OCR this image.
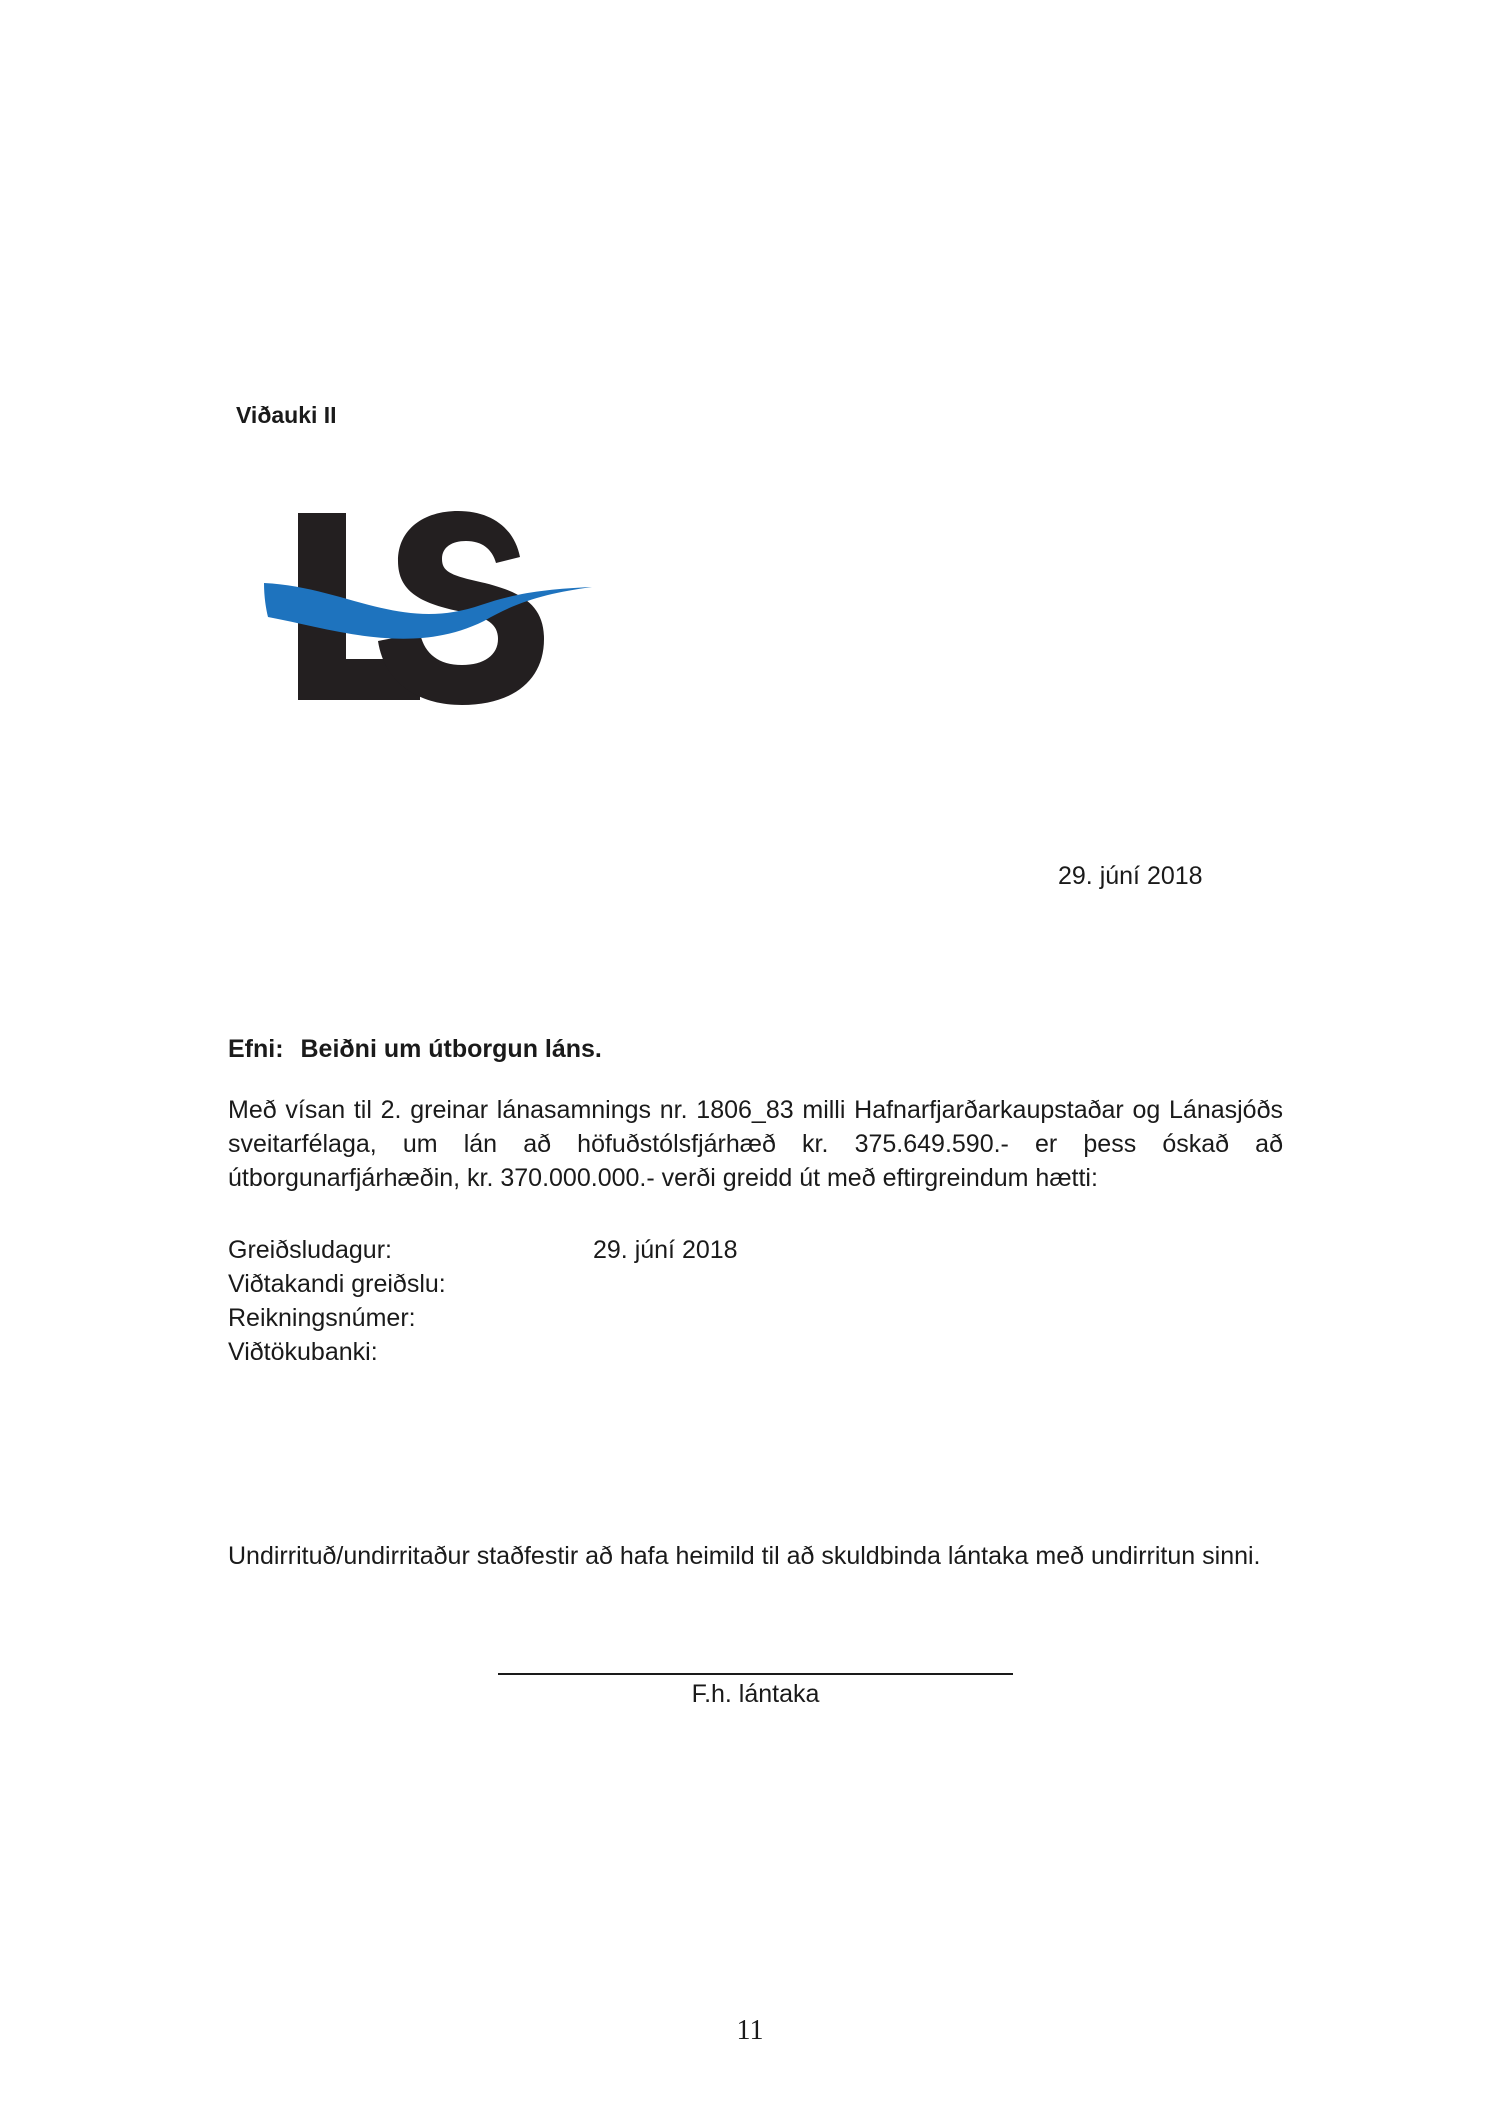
Viðauki II
29. júní 2018
Efni: Beiðni um útborgun láns.

Með vísan til 2. greinar lánasamnings nr. 1806_83 milli Hafnarfjarðarkaupstaðar og Lánasjóðs sveitarfélaga, um lán að höfuðstólsfjárhæð kr. 375.649.590.- er þess óskað að útborgunarfjárhæðin, kr. 370.000.000.- verði greidd út með eftirgreindum hætti:

Greiðsludagur:	29. júní 2018
Viðtakandi greiðslu:
Reikningsnúmer:
Viðtökubanki:

Undirrituð/undirritaður staðfestir að hafa heimild til að skuldbinda lántaka með undirritun sinni.

F.h. lántaka
11
